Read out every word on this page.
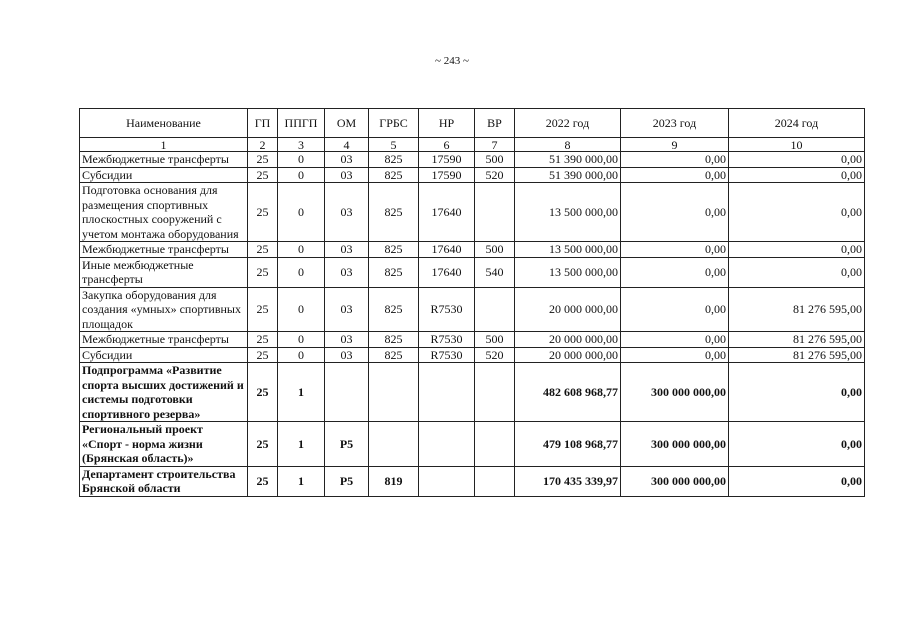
~ 243 ~
Наименование	ГП	ППГП	ОМ	ГРБС	НР	ВР	2022 год	2023 год	2024 год
1	2	3	4	5	6	7	8	9	10
Межбюджетные трансферты	25	0	03	825	17590	500	51 390 000,00	0,00	0,00
Субсидии	25	0	03	825	17590	520	51 390 000,00	0,00	0,00
Подготовка основания для размещения спортивных плоскостных сооружений с учетом монтажа оборудования	25	0	03	825	17640		13 500 000,00	0,00	0,00
Межбюджетные трансферты	25	0	03	825	17640	500	13 500 000,00	0,00	0,00
Иные межбюджетные трансферты	25	0	03	825	17640	540	13 500 000,00	0,00	0,00
Закупка оборудования для создания «умных» спортивных площадок	25	0	03	825	R7530		20 000 000,00	0,00	81 276 595,00
Межбюджетные трансферты	25	0	03	825	R7530	500	20 000 000,00	0,00	81 276 595,00
Субсидии	25	0	03	825	R7530	520	20 000 000,00	0,00	81 276 595,00
Подпрограмма «Развитие спорта высших достижений и системы подготовки спортивного резерва»	25	1					482 608 968,77	300 000 000,00	0,00
Региональный проект «Спорт - норма жизни (Брянская область)»	25	1	P5				479 108 968,77	300 000 000,00	0,00
Департамент строительства Брянской области	25	1	P5	819			170 435 339,97	300 000 000,00	0,00
